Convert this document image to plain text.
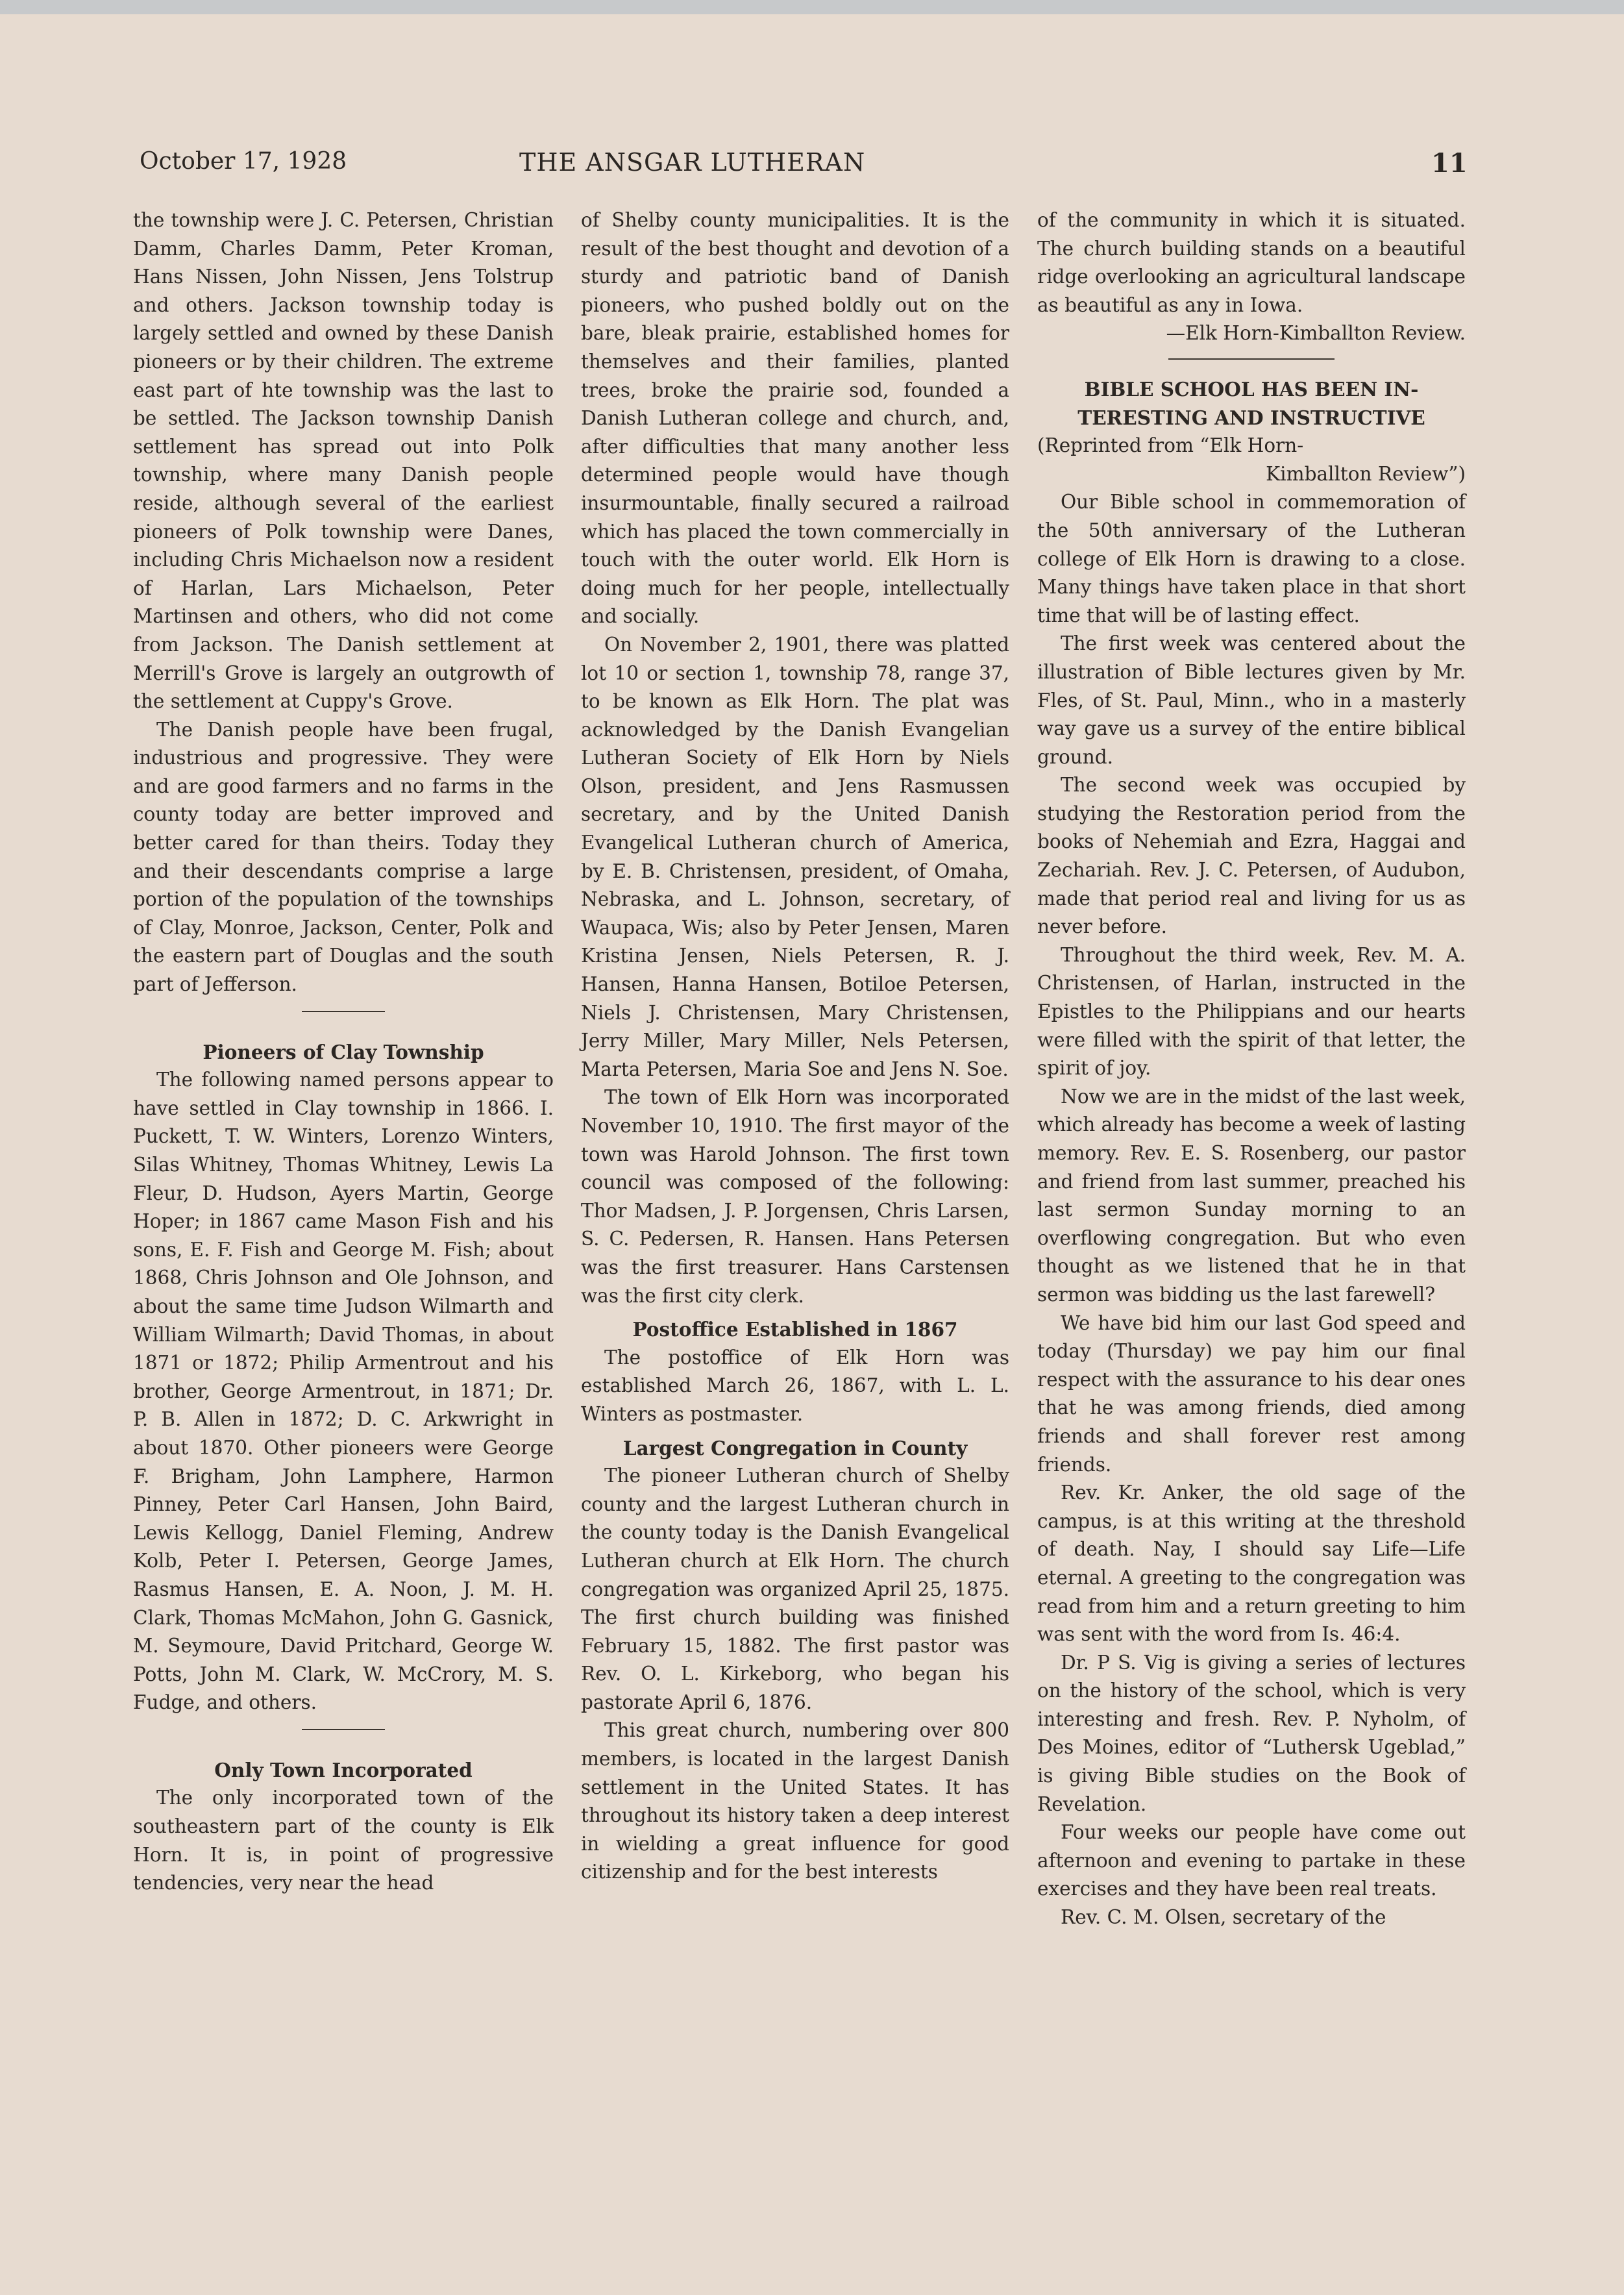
October 17, 1928	THE ANSGAR LUTHERAN	11

the township were J. C. Petersen, Christian Damm, Charles Damm, Peter Kroman, Hans Nissen, John Nissen, Jens Tolstrup and others. Jackson township today is largely settled and owned by these Danish pioneers or by their children. The extreme east part of hte township was the last to be settled. The Jackson township Danish settlement has spread out into Polk township, where many Danish people reside, although several of the earliest pioneers of Polk township were Danes, including Chris Michaelson now a resident of Harlan, Lars Michaelson, Peter Martinsen and others, who did not come from Jackson. The Danish settlement at Merrill's Grove is largely an outgrowth of the settlement at Cuppy's Grove.

The Danish people have been frugal, industrious and progressive. They were and are good farmers and no farms in the county today are better improved and better cared for than theirs. Today they and their descendants comprise a large portion of the population of the townships of Clay, Monroe, Jackson, Center, Polk and the eastern part of Douglas and the south part of Jefferson.

Pioneers of Clay Township

The following named persons appear to have settled in Clay township in 1866. I. Puckett, T. W. Winters, Lorenzo Winters, Silas Whitney, Thomas Whitney, Lewis La Fleur, D. Hudson, Ayers Martin, George Hoper; in 1867 came Mason Fish and his sons, E. F. Fish and George M. Fish; about 1868, Chris Johnson and Ole Johnson, and about the same time Judson Wilmarth and William Wilmarth; David Thomas, in about 1871 or 1872; Philip Armentrout and his brother, George Armentrout, in 1871; Dr. P. B. Allen in 1872; D. C. Arkwright in about 1870. Other pioneers were George F. Brigham, John Lamphere, Harmon Pinney, Peter Carl Hansen, John Baird, Lewis Kellogg, Daniel Fleming, Andrew Kolb, Peter I. Petersen, George James, Rasmus Hansen, E. A. Noon, J. M. H. Clark, Thomas McMahon, John G. Gasnick, M. Seymoure, David Pritchard, George W. Potts, John M. Clark, W. McCrory, M. S. Fudge, and others.

Only Town Incorporated

The only incorporated town of the southeastern part of the county is Elk Horn. It is, in point of progressive tendencies, very near the head

of Shelby county municipalities. It is the result of the best thought and devotion of a sturdy and patriotic band of Danish pioneers, who pushed boldly out on the bare, bleak prairie, established homes for themselves and their families, planted trees, broke the prairie sod, founded a Danish Lutheran college and church, and, after difficulties that many another less determined people would have though insurmountable, finally secured a railroad which has placed the town commercially in touch with the outer world. Elk Horn is doing much for her people, intellectually and socially.

On November 2, 1901, there was platted lot 10 or section 1, township 78, range 37, to be known as Elk Horn. The plat was acknowledged by the Danish Evangelian Lutheran Society of Elk Horn by Niels Olson, president, and Jens Rasmussen secretary, and by the United Danish Evangelical Lutheran church of America, by E. B. Christensen, president, of Omaha, Nebraska, and L. Johnson, secretary, of Waupaca, Wis; also by Peter Jensen, Maren Kristina Jensen, Niels Petersen, R. J. Hansen, Hanna Hansen, Botiloe Petersen, Niels J. Christensen, Mary Christensen, Jerry Miller, Mary Miller, Nels Petersen, Marta Petersen, Maria Soe and Jens N. Soe.

The town of Elk Horn was incorporated November 10, 1910. The first mayor of the town was Harold Johnson. The first town council was composed of the following: Thor Madsen, J. P. Jorgensen, Chris Larsen, S. C. Pedersen, R. Hansen. Hans Petersen was the first treasurer. Hans Carstensen was the first city clerk.

Postoffice Established in 1867

The postoffice of Elk Horn was established March 26, 1867, with L. L. Winters as postmaster.

Largest Congregation in County

The pioneer Lutheran church of Shelby county and the largest Lutheran church in the county today is the Danish Evangelical Lutheran church at Elk Horn. The church congregation was organized April 25, 1875. The first church building was finished February 15, 1882. The first pastor was Rev. O. L. Kirkeborg, who began his pastorate April 6, 1876.

This great church, numbering over 800 members, is located in the largest Danish settlement in the United States. It has throughout its history taken a deep interest in wielding a great influence for good citizenship and for the best interests

of the community in which it is situated. The church building stands on a beautiful ridge overlooking an agricultural landscape as beautiful as any in Iowa.

—Elk Horn-Kimballton Review.

BIBLE SCHOOL HAS BEEN IN-

TERESTING AND INSTRUCTIVE

(Reprinted from “Elk Horn-

Kimballton Review”)

Our Bible school in commemoration of the 50th anniversary of the Lutheran college of Elk Horn is drawing to a close. Many things have taken place in that short time that will be of lasting effect.

The first week was centered about the illustration of Bible lectures given by Mr. Fles, of St. Paul, Minn., who in a masterly way gave us a survey of the entire biblical ground.

The second week was occupied by studying the Restoration period from the books of Nehemiah and Ezra, Haggai and Zechariah. Rev. J. C. Petersen, of Audubon, made that period real and living for us as never before.

Throughout the third week, Rev. M. A. Christensen, of Harlan, instructed in the Epistles to the Philippians and our hearts were filled with the spirit of that letter, the spirit of joy.

Now we are in the midst of the last week, which already has become a week of lasting memory. Rev. E. S. Rosenberg, our pastor and friend from last summer, preached his last sermon Sunday morning to an overflowing congregation. But who even thought as we listened that he in that sermon was bidding us the last farewell?

We have bid him our last God speed and today (Thursday) we pay him our final respect with the assurance to his dear ones that he was among friends, died among friends and shall forever rest among friends.

Rev. Kr. Anker, the old sage of the campus, is at this writing at the threshold of death. Nay, I should say Life—Life eternal. A greeting to the congregation was read from him and a return greeting to him was sent with the word from Is. 46:4.

Dr. P S. Vig is giving a series of lectures on the history of the school, which is very interesting and fresh. Rev. P. Nyholm, of Des Moines, editor of “Luthersk Ugeblad,” is giving Bible studies on the Book of Revelation.

Four weeks our people have come out afternoon and evening to partake in these exercises and they have been real treats.

Rev. C. M. Olsen, secretary of the
